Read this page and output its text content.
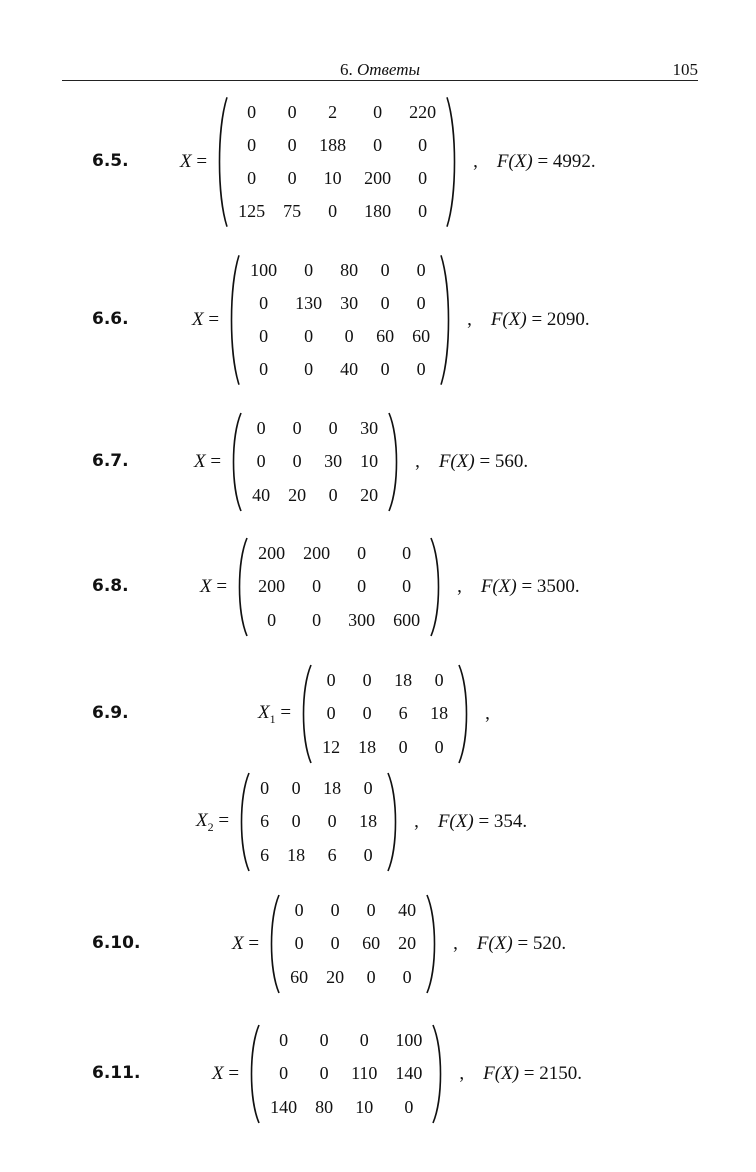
6. Ответы	105
6.5.	X =
0	0	2	0	220
0	0	188	0	0
0	0	10	200	0
125	75	0	180	0
, F(X) = 4992.
6.6.	X =
100	0	80	0	0
0	130	30	0	0
0	0	0	60	60
0	0	40	0	0
, F(X) = 2090.
6.7.	X =
0	0	0	30
0	0	30	10
40	20	0	20
, F(X) = 560.
6.8.	X =
200	200	0	0
200	0	0	0
0	0	300	600
, F(X) = 3500.
6.9.	$X_1$ =
0	0	18	0
0	0	6	18
12	18	0	0
,
$X_2$ =
0	0	18	0
6	0	0	18
6	18	6	0
, F(X) = 354.
6.10.	X =
0	0	0	40
0	0	60	20
60	20	0	0
, F(X) = 520.
6.11.	X =
0	0	0	100
0	0	110	140
140	80	10	0
, F(X) = 2150.
